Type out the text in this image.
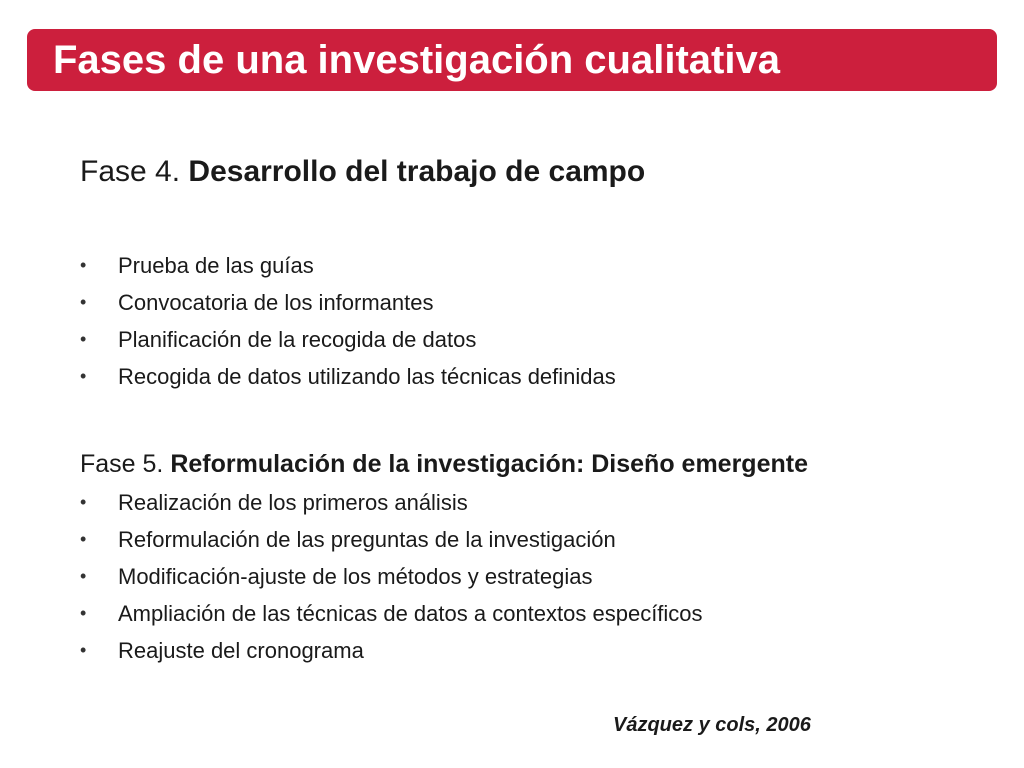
Fases de una investigación cualitativa
Fase 4. Desarrollo del trabajo de campo
• Prueba de las guías
• Convocatoria de los informantes
• Planificación de la recogida de datos
• Recogida de datos utilizando las técnicas definidas
Fase 5. Reformulación de la investigación: Diseño emergente
• Realización de los primeros análisis
• Reformulación de las preguntas de la investigación
• Modificación-ajuste de los métodos y estrategias
• Ampliación de las técnicas de datos a contextos específicos
• Reajuste del cronograma
Vázquez y cols, 2006
